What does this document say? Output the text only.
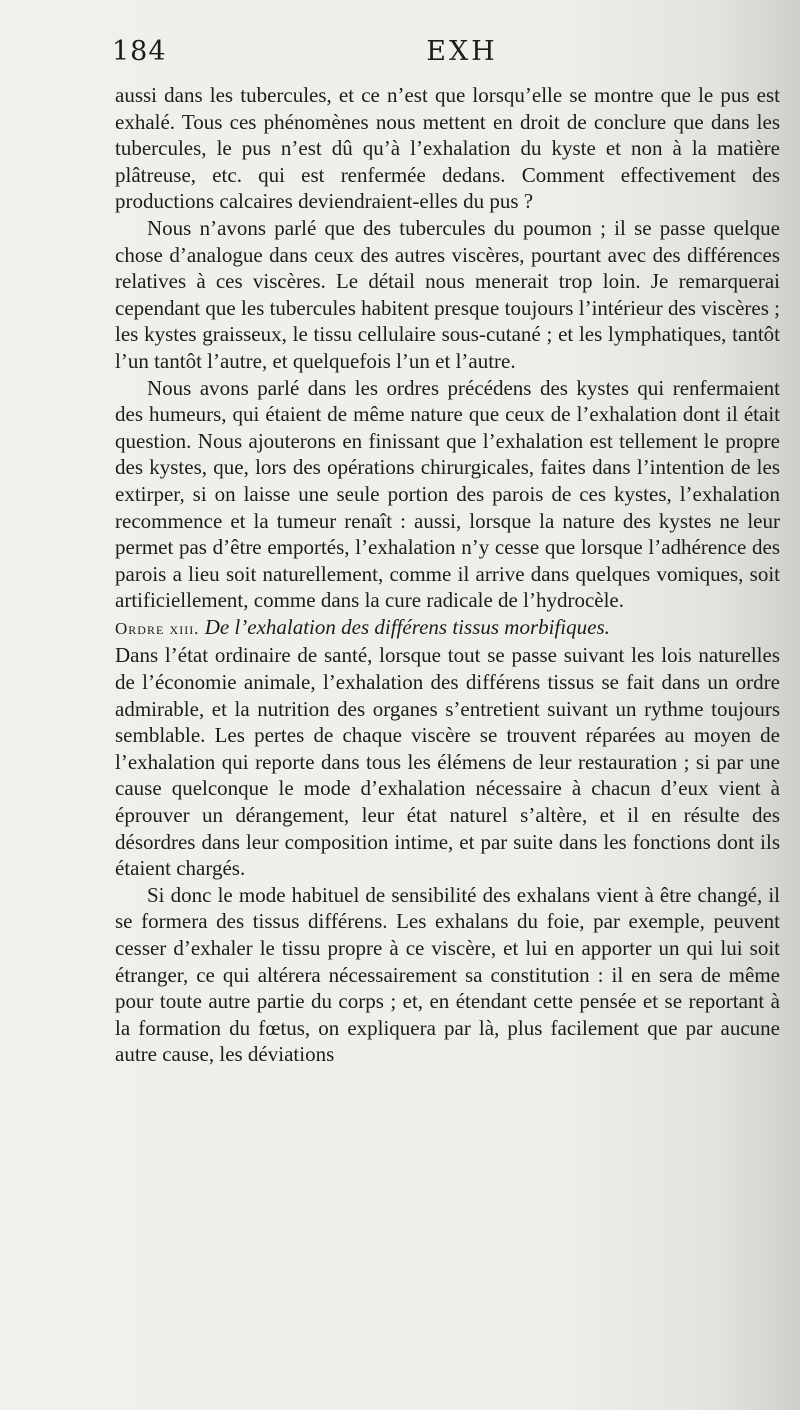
184	EXH

aussi dans les tubercules, et ce n’est que lorsqu’elle se montre que le pus est exhalé. Tous ces phénomènes nous mettent en droit de conclure que dans les tubercules, le pus n’est dû qu’à l’exhalation du kyste et non à la matière plâtreuse, etc. qui est renfermée dedans. Comment effectivement des productions calcaires deviendraient-elles du pus ?

Nous n’avons parlé que des tubercules du poumon ; il se passe quelque chose d’analogue dans ceux des autres viscères, pourtant avec des différences relatives à ces viscères. Le détail nous menerait trop loin. Je remarquerai cependant que les tubercules habitent presque toujours l’intérieur des viscères ; les kystes graisseux, le tissu cellulaire sous-cutané ; et les lymphatiques, tantôt l’un tantôt l’autre, et quelquefois l’un et l’autre.

Nous avons parlé dans les ordres précédens des kystes qui renfermaient des humeurs, qui étaient de même nature que ceux de l’exhalation dont il était question. Nous ajouterons en finissant que l’exhalation est tellement le propre des kystes, que, lors des opérations chirurgicales, faites dans l’intention de les extirper, si on laisse une seule portion des parois de ces kystes, l’exhalation recommence et la tumeur renaît : aussi, lorsque la nature des kystes ne leur permet pas d’être emportés, l’exhalation n’y cesse que lorsque l’adhérence des parois a lieu soit naturellement, comme il arrive dans quelques vomiques, soit artificiellement, comme dans la cure radicale de l’hydrocèle.

Ordre xiii. De l’exhalation des différens tissus morbifiques.

Dans l’état ordinaire de santé, lorsque tout se passe suivant les lois naturelles de l’économie animale, l’exhalation des différens tissus se fait dans un ordre admirable, et la nutrition des organes s’entretient suivant un rythme toujours semblable. Les pertes de chaque viscère se trouvent réparées au moyen de l’exhalation qui reporte dans tous les élémens de leur restauration ; si par une cause quelconque le mode d’exhalation nécessaire à chacun d’eux vient à éprouver un dérangement, leur état naturel s’altère, et il en résulte des désordres dans leur composition intime, et par suite dans les fonctions dont ils étaient chargés.

Si donc le mode habituel de sensibilité des exhalans vient à être changé, il se formera des tissus différens. Les exhalans du foie, par exemple, peuvent cesser d’exhaler le tissu propre à ce viscère, et lui en apporter un qui lui soit étranger, ce qui altérera nécessairement sa constitution : il en sera de même pour toute autre partie du corps ; et, en étendant cette pensée et se reportant à la formation du fœtus, on expliquera par là, plus facilement que par aucune autre cause, les déviations
